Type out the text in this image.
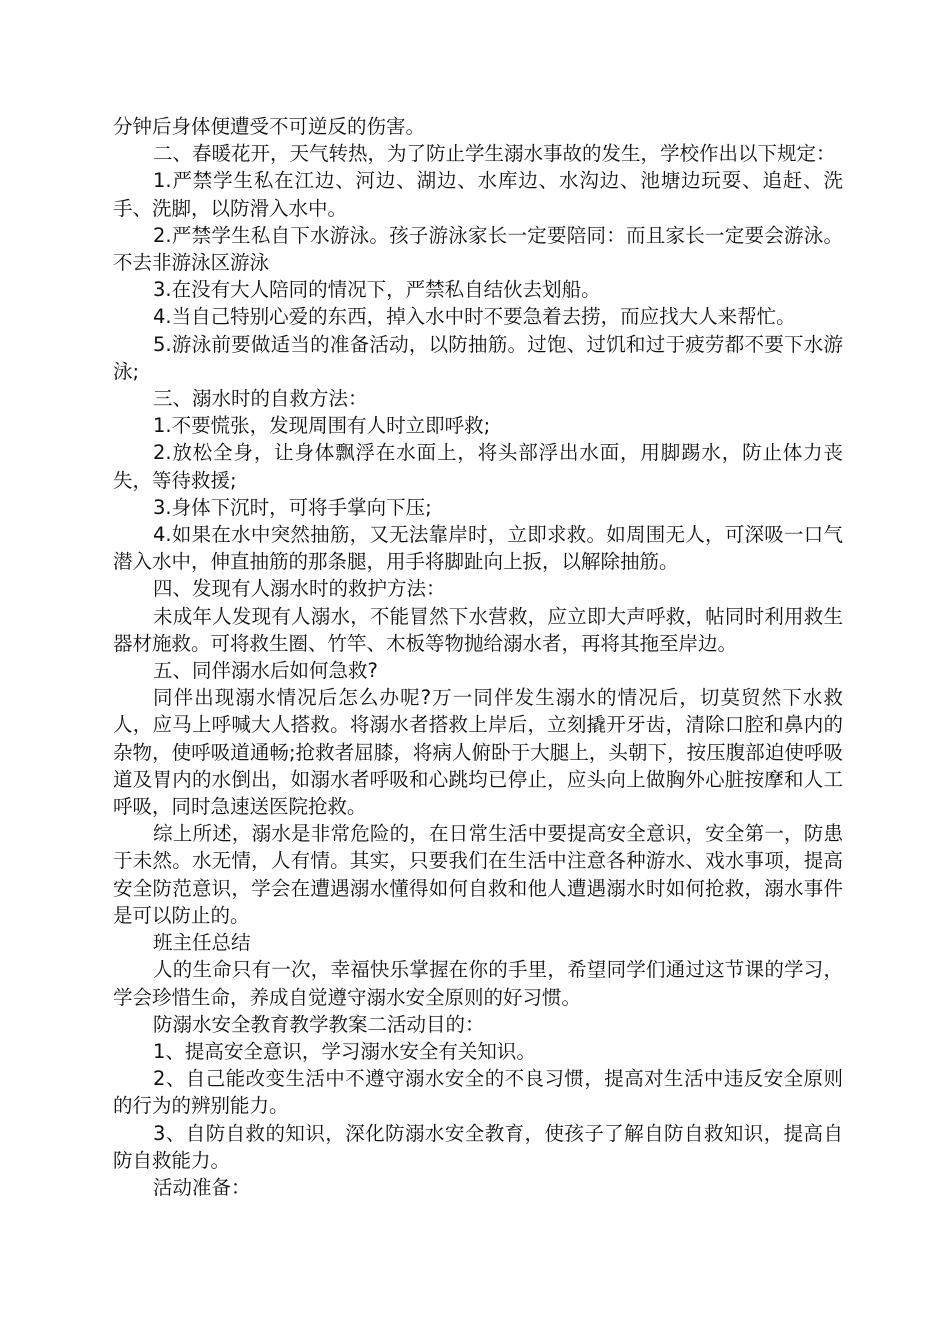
分钟后身体便遭受不可逆反的伤害。

二、春暖花开，天气转热，为了防止学生溺水事故的发生，学校作出以下规定：

1.严禁学生私在江边、河边、湖边、水库边、水沟边、池塘边玩耍、追赶、洗手、洗脚，以防滑入水中。

2.严禁学生私自下水游泳。孩子游泳家长一定要陪同：而且家长一定要会游泳。不去非游泳区游泳

3.在没有大人陪同的情况下，严禁私自结伙去划船。

4.当自己特别心爱的东西，掉入水中时不要急着去捞，而应找大人来帮忙。

5.游泳前要做适当的准备活动，以防抽筋。过饱、过饥和过于疲劳都不要下水游泳;

三、溺水时的自救方法：

1.不要慌张，发现周围有人时立即呼救;

2.放松全身，让身体飘浮在水面上，将头部浮出水面，用脚踢水，防止体力丧失，等待救援;

3.身体下沉时，可将手掌向下压;

4.如果在水中突然抽筋，又无法靠岸时，立即求救。如周围无人，可深吸一口气潜入水中，伸直抽筋的那条腿，用手将脚趾向上扳，以解除抽筋。

四、发现有人溺水时的救护方法：

未成年人发现有人溺水，不能冒然下水营救，应立即大声呼救，帖同时利用救生器材施救。可将救生圈、竹竿、木板等物抛给溺水者，再将其拖至岸边。

五、同伴溺水后如何急救?

同伴出现溺水情况后怎么办呢?万一同伴发生溺水的情况后，切莫贸然下水救人，应马上呼喊大人搭救。将溺水者搭救上岸后，立刻撬开牙齿，清除口腔和鼻内的杂物，使呼吸道通畅;抢救者屈膝，将病人俯卧于大腿上，头朝下，按压腹部迫使呼吸道及胃内的水倒出，如溺水者呼吸和心跳均已停止，应头向上做胸外心脏按摩和人工呼吸，同时急速送医院抢救。

综上所述，溺水是非常危险的，在日常生活中要提高安全意识，安全第一，防患于未然。水无情，人有情。其实，只要我们在生活中注意各种游水、戏水事项，提高安全防范意识，学会在遭遇溺水懂得如何自救和他人遭遇溺水时如何抢救，溺水事件是可以防止的。

班主任总结

人的生命只有一次，幸福快乐掌握在你的手里，希望同学们通过这节课的学习，学会珍惜生命，养成自觉遵守溺水安全原则的好习惯。

防溺水安全教育教学教案二活动目的：

1、提高安全意识，学习溺水安全有关知识。

2、自己能改变生活中不遵守溺水安全的不良习惯，提高对生活中违反安全原则的行为的辨别能力。

3、自防自救的知识，深化防溺水安全教育，使孩子了解自防自救知识，提高自防自救能力。

活动准备：
